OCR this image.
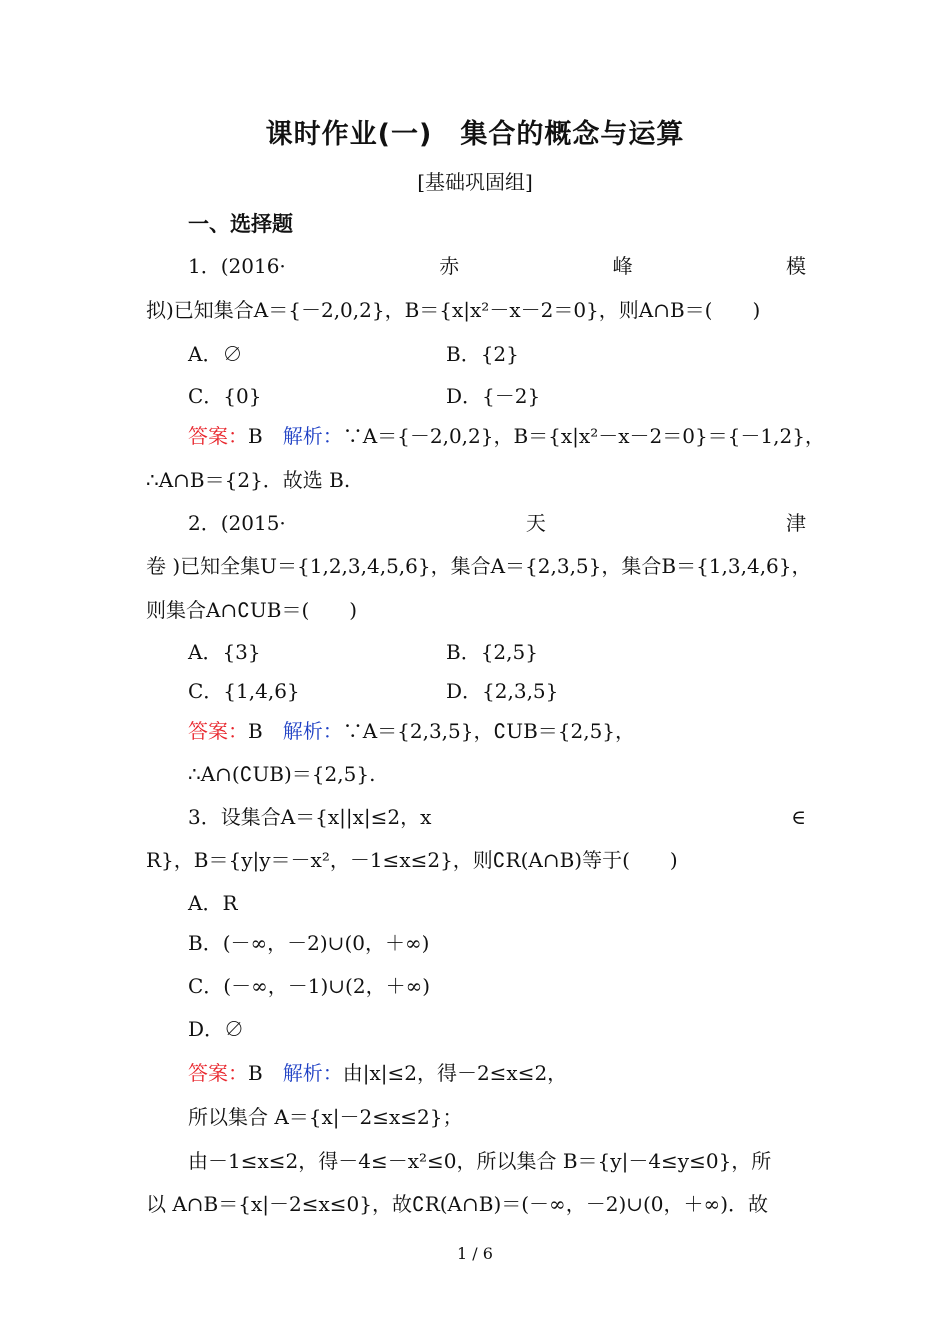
课时作业(一)　集合的概念与运算
[基础巩固组]
一、选择题
1．(2016·	赤	峰	模
拟)已知集合A＝{－2,0,2}，B＝{x|x²－x－2＝0}，则A∩B＝(　　)
A．∅	B．{2}
C．{0}	D．{－2}
答案：B　 解析：∵A＝{－2,0,2}，B＝{x|x²－x－2＝0}＝{－1,2}，
∴A∩B＝{2}．故选 B.
2．(2015·	天	津
卷 )已知全集U＝{1,2,3,4,5,6}，集合A＝{2,3,5}，集合B＝{1,3,4,6}，
则集合A∩∁UB＝(　　)
A．{3}	B．{2,5}
C．{1,4,6}	D．{2,3,5}
答案：B　 解析：∵A＝{2,3,5}，∁UB＝{2,5}，
∴A∩(∁UB)＝{2,5}.
3．设集合A＝{x||x|≤2，x	∈
R}，B＝{y|y＝－x²，－1≤x≤2}，则∁R(A∩B)等于(　　)
A．R
B．(－∞，－2)∪(0，＋∞)
C．(－∞，－1)∪(2，＋∞)
D．∅
答案：B　 解析：由|x|≤2，得－2≤x≤2，
所以集合 A＝{x|－2≤x≤2}；
由－1≤x≤2，得－4≤－x²≤0，所以集合 B＝{y|－4≤y≤0}，所
以 A∩B＝{x|－2≤x≤0}，故∁R(A∩B)＝(－∞，－2)∪(0，＋∞)．故
1 / 6
